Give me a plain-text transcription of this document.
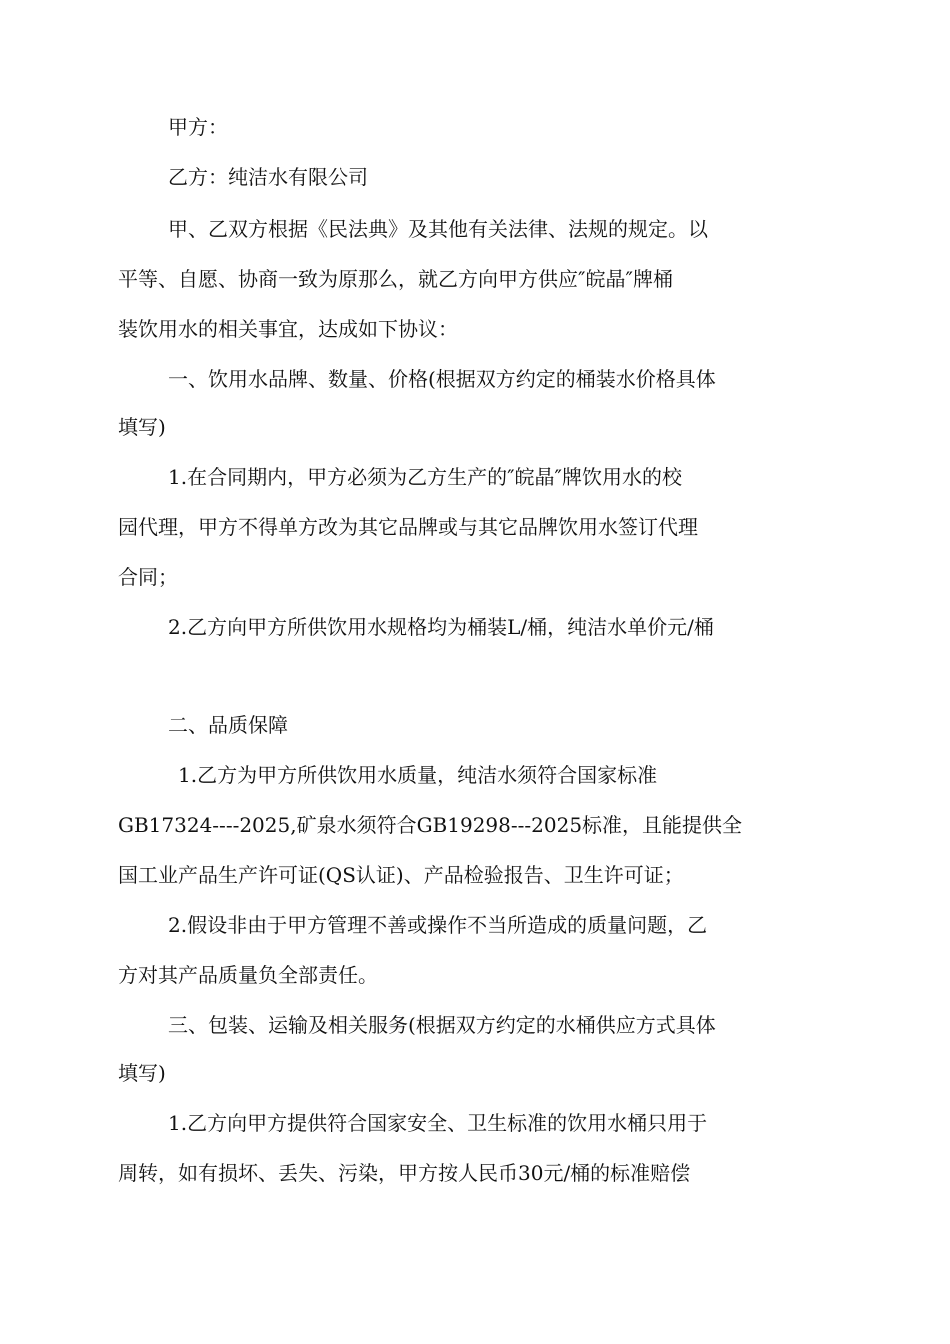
甲方：
乙方：纯洁水有限公司
甲、乙双方根据《民法典》及其他有关法律、法规的规定。以
平等、自愿、协商一致为原那么，就乙方向甲方供应″皖晶″牌桶
装饮用水的相关事宜，达成如下协议：
一、饮用水品牌、数量、价格(根据双方约定的桶装水价格具体
填写)
1.在合同期内，甲方必须为乙方生产的″皖晶″牌饮用水的校
园代理，甲方不得单方改为其它品牌或与其它品牌饮用水签订代理
合同；
2.乙方向甲方所供饮用水规格均为桶装L/桶，纯洁水单价元/桶
二、品质保障
1.乙方为甲方所供饮用水质量，纯洁水须符合国家标准
GB17324----2025,矿泉水须符合GB19298---2025标准，且能提供全
国工业产品生产许可证(QS认证)、产品检验报告、卫生许可证；
2.假设非由于甲方管理不善或操作不当所造成的质量问题，乙
方对其产品质量负全部责任。
三、包装、运输及相关服务(根据双方约定的水桶供应方式具体
填写)
1.乙方向甲方提供符合国家安全、卫生标准的饮用水桶只用于
周转，如有损坏、丢失、污染，甲方按人民币30元/桶的标准赔偿
